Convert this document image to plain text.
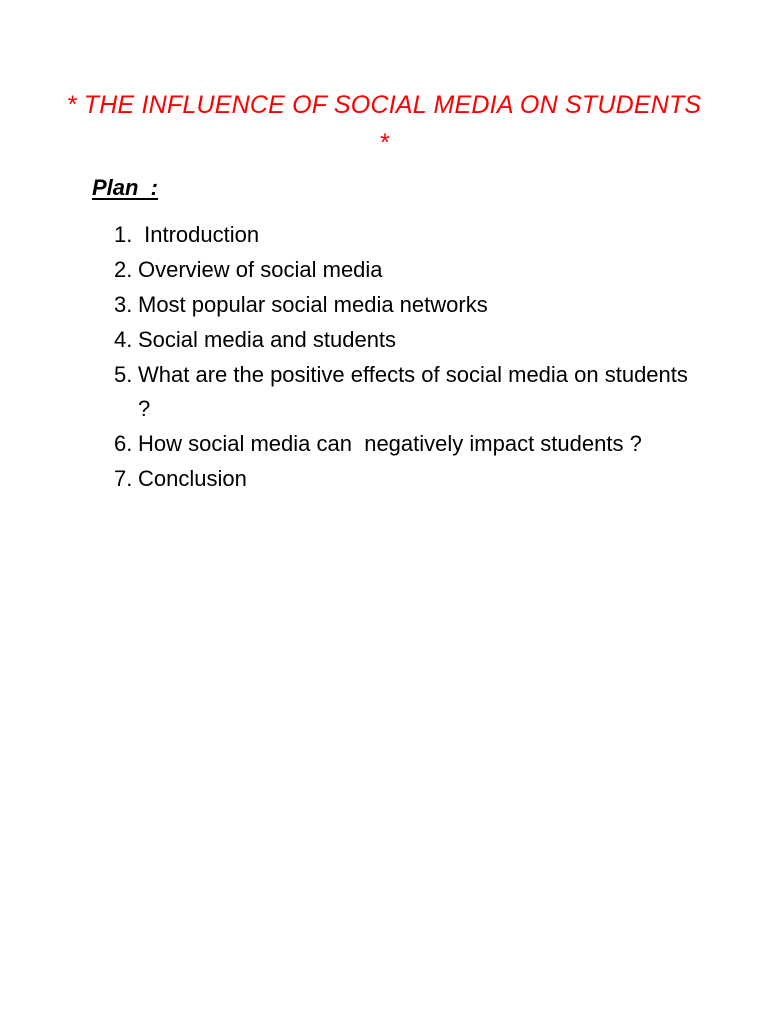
* THE INFLUENCE OF SOCIAL MEDIA ON STUDENTS *
Plan  :
1. Introduction
2. Overview of social media
3. Most popular social media networks
4. Social media and students
5. What are the positive effects of social media on students ?
6. How social media can  negatively impact students ?
7. Conclusion
